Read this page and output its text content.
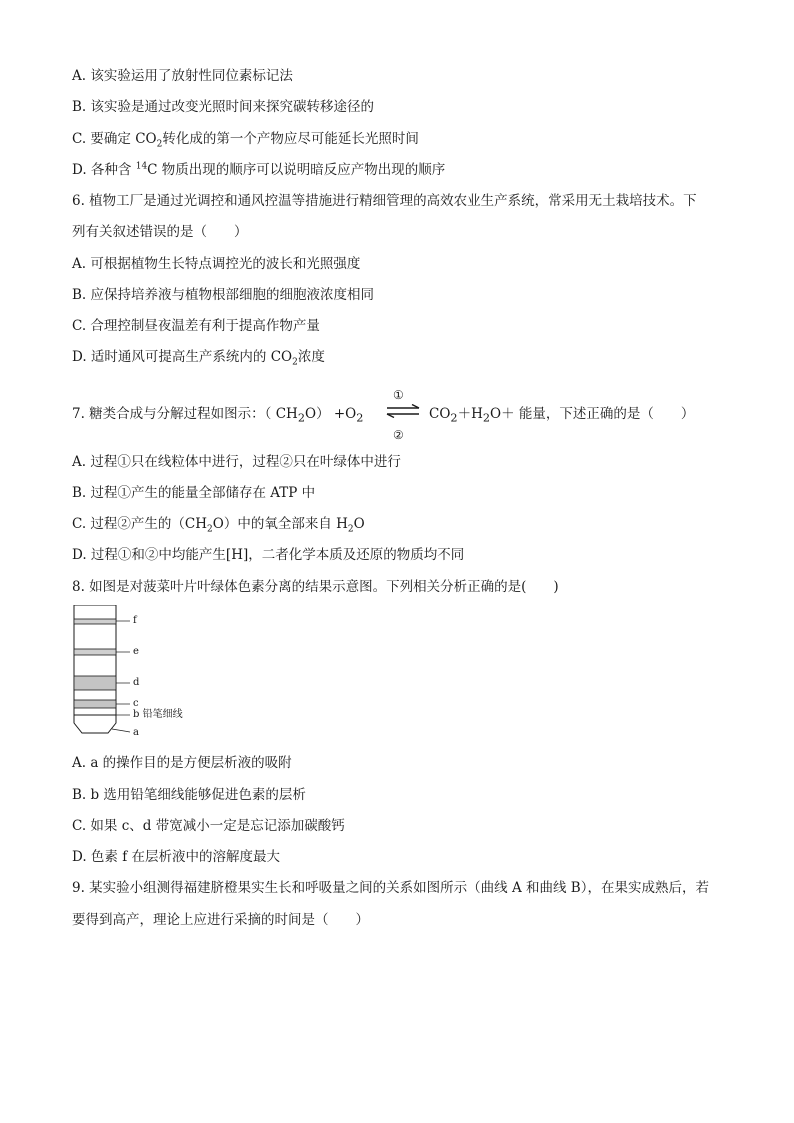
A. 该实验运用了放射性同位素标记法
B. 该实验是通过改变光照时间来探究碳转移途径的
C. 要确定 $CO_2$转化成的第一个产物应尽可能延长光照时间
D. 各种含 $^{14}$C 物质出现的顺序可以说明暗反应产物出现的顺序
6. 植物工厂是通过光调控和通风控温等措施进行精细管理的高效农业生产系统，常采用无土栽培技术。下
列有关叙述错误的是（　　）
A. 可根据植物生长特点调控光的波长和光照强度
B. 应保持培养液与植物根部细胞的细胞液浓度相同
C. 合理控制昼夜温差有利于提高作物产量
D. 适时通风可提高生产系统内的 $CO_2$浓度
7. 糖类合成与分解过程如图示：（ $CH_2O) +O_2$
①
②
$CO_2+H_2O+$ 能量，下述正确的是（　　）
A. 过程①只在线粒体中进行，过程②只在叶绿体中进行
B. 过程①产生的能量全部储存在 ATP 中
C. 过程②产生的$(CH_2O)$中的氧全部来自 $H_2O$
D. 过程①和②中均能产生[H]，二者化学本质及还原的物质均不同
8. 如图是对菠菜叶片叶绿体色素分离的结果示意图。下列相关分析正确的是(　　)
f
e
d
c
b 铅笔细线
a
A. a 的操作目的是方便层析液的吸附
B. b 选用铅笔细线能够促进色素的层析
C. 如果 c、d 带宽减小一定是忘记添加碳酸钙
D. 色素 f 在层析液中的溶解度最大
9. 某实验小组测得福建脐橙果实生长和呼吸量之间的关系如图所示（曲线 A 和曲线 B），在果实成熟后，若
要得到高产，理论上应进行采摘的时间是（　　）
